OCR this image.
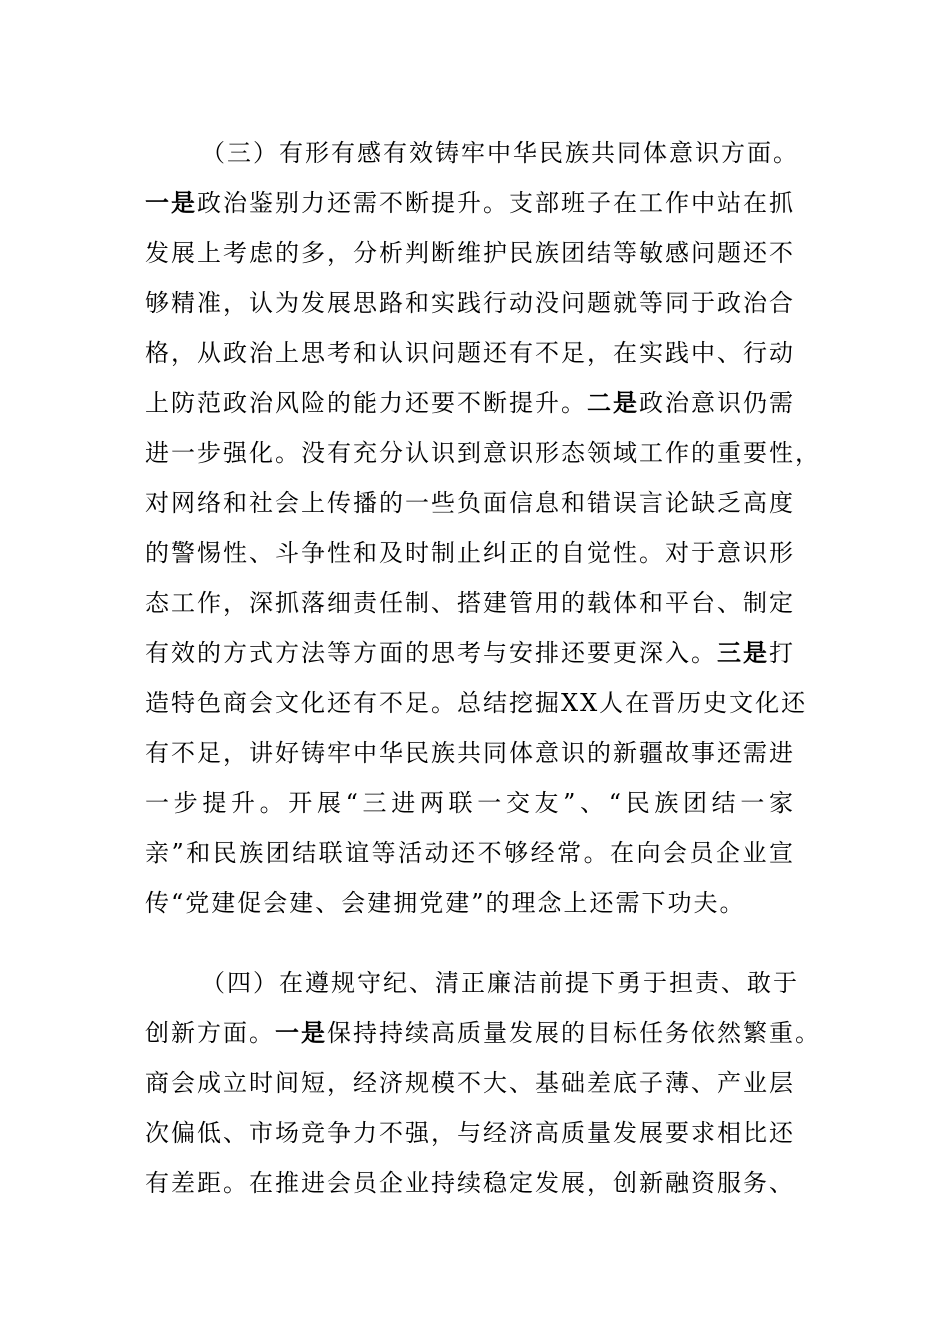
（三）有形有感有效铸牢中华民族共同体意识方面。
一是政治鉴别力还需不断提升。支部班子在工作中站在抓
发展上考虑的多，分析判断维护民族团结等敏感问题还不
够精准，认为发展思路和实践行动没问题就等同于政治合
格，从政治上思考和认识问题还有不足，在实践中、行动
上防范政治风险的能力还要不断提升。二是政治意识仍需
进一步强化。没有充分认识到意识形态领域工作的重要性，
对网络和社会上传播的一些负面信息和错误言论缺乏高度
的警惕性、斗争性和及时制止纠正的自觉性。对于意识形
态工作，深抓落细责任制、搭建管用的载体和平台、制定
有效的方式方法等方面的思考与安排还要更深入。三是打
造特色商会文化还有不足。总结挖掘XX人在晋历史文化还
有不足，讲好铸牢中华民族共同体意识的新疆故事还需进
一步提升。开展“三进两联一交友”、“民族团结一家
亲”和民族团结联谊等活动还不够经常。在向会员企业宣
传“党建促会建、会建拥党建”的理念上还需下功夫。
（四）在遵规守纪、清正廉洁前提下勇于担责、敢于
创新方面。一是保持持续高质量发展的目标任务依然繁重。
商会成立时间短，经济规模不大、基础差底子薄、产业层
次偏低、市场竞争力不强，与经济高质量发展要求相比还
有差距。在推进会员企业持续稳定发展，创新融资服务、
